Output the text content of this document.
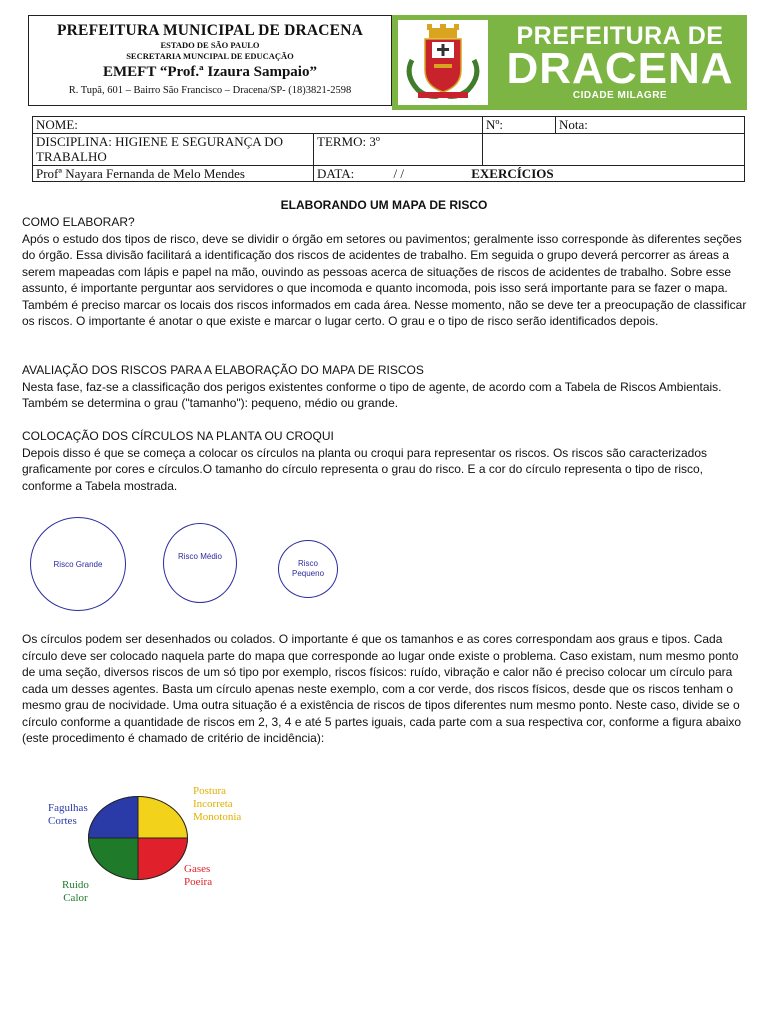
PREFEITURA MUNICIPAL DE DRACENA
ESTADO DE SÃO PAULO
SECRETARIA MUNCIPAL DE EDUCAÇÃO
EMEFT “Prof.ª Izaura Sampaio”
R. Tupã, 601 – Bairro São Francisco – Dracena/SP- (18)3821-2598
PREFEITURA DE
DRACENA
CIDADE MILAGRE
NOME:		Nº:	Nota:
DISCIPLINA: HIGIENE E SEGURANÇA DO TRABALHO	TERMO: 3º		
Profª Nayara Fernanda de Melo Mendes	DATA: / / EXERCÍCIOS		
ELABORANDO UM MAPA DE RISCO
COMO ELABORAR?
Após o estudo dos tipos de risco, deve se dividir o órgão em setores ou pavimentos; geralmente isso corresponde às diferentes seções do órgão. Essa divisão facilitará a identificação dos riscos de acidentes de trabalho. Em seguida o grupo deverá percorrer as áreas a serem mapeadas com lápis e papel na mão, ouvindo as pessoas acerca de situações de riscos de acidentes de trabalho. Sobre esse assunto, é importante perguntar aos servidores o que incomoda e quanto incomoda, pois isso será importante para se fazer o mapa. Também é preciso marcar os locais dos riscos informados em cada área. Nesse momento, não se deve ter a preocupação de classificar os riscos. O importante é anotar o que existe e marcar o lugar certo. O grau e o tipo de risco serão identificados depois.
AVALIAÇÃO DOS RISCOS PARA A ELABORAÇÃO DO MAPA DE RISCOS
Nesta fase, faz-se a classificação dos perigos existentes conforme o tipo de agente, de acordo com a Tabela de Riscos Ambientais. Também se determina o grau ("tamanho"): pequeno, médio ou grande.
COLOCAÇÃO DOS CÍRCULOS NA PLANTA OU CROQUI
Depois disso é que se começa a colocar os círculos na planta ou croqui para representar os riscos. Os riscos são caracterizados graficamente por cores e círculos.O tamanho do círculo representa o grau do risco. E a cor do círculo representa o tipo de risco, conforme a Tabela mostrada.
Risco Grande
Risco Médio
Risco
Pequeno
Os círculos podem ser desenhados ou colados. O importante é que os tamanhos e as cores correspondam aos graus e tipos. Cada círculo deve ser colocado naquela parte do mapa que corresponde ao lugar onde existe o problema. Caso existam, num mesmo ponto de uma seção, diversos riscos de um só tipo por exemplo, riscos físicos: ruído, vibração e calor não é preciso colocar um círculo para cada um desses agentes. Basta um círculo apenas neste exemplo, com a cor verde, dos riscos físicos, desde que os riscos tenham o mesmo grau de nocividade. Uma outra situação é a existência de riscos de tipos diferentes num mesmo ponto. Neste caso, divide se o círculo conforme a quantidade de riscos em 2, 3, 4 e até 5 partes iguais, cada parte com a sua respectiva cor, conforme a figura abaixo (este procedimento é chamado de critério de incidência):
Fagulhas
Cortes
Postura
Incorreta
Monotonia
Gases
Poeira
Ruido
Calor
